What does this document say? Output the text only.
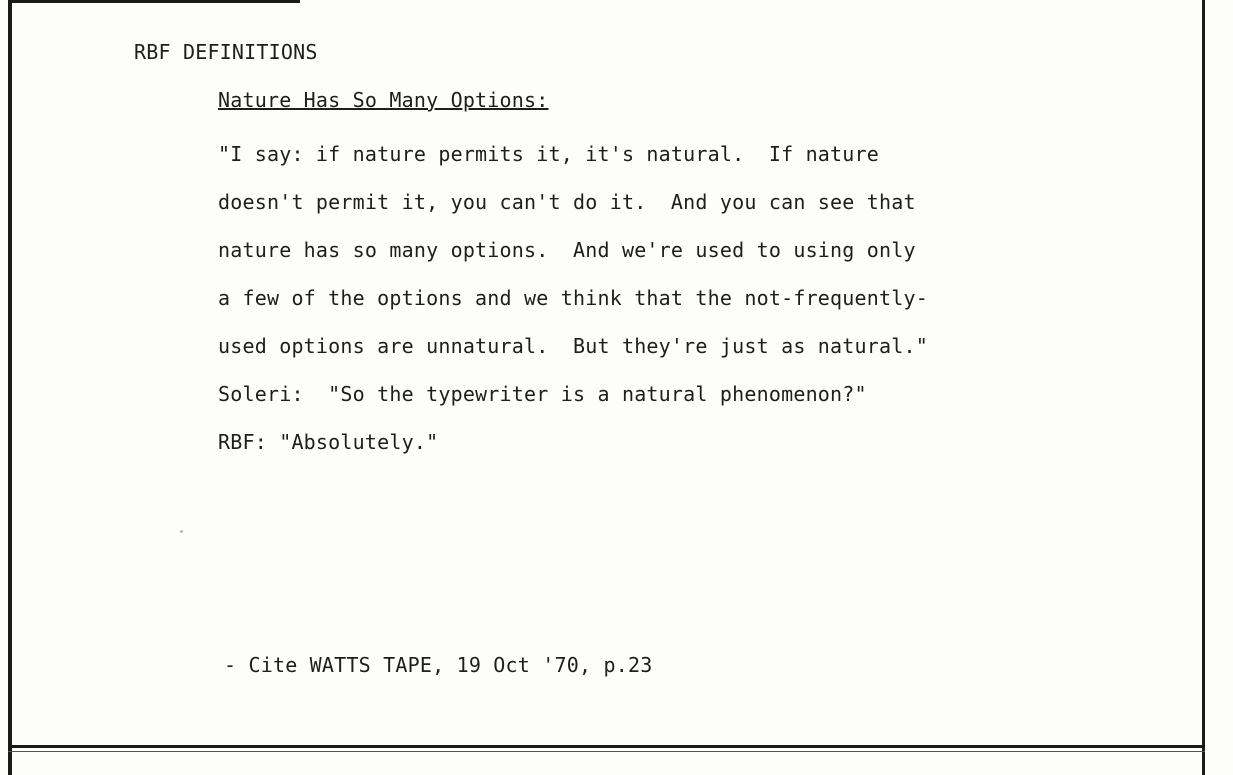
RBF DEFINITIONS
Nature Has So Many Options:
"I say: if nature permits it, it's natural.  If nature
doesn't permit it, you can't do it.  And you can see that
nature has so many options.  And we're used to using only
a few of the options and we think that the not-frequently-
used options are unnatural.  But they're just as natural."
Soleri:  "So the typewriter is a natural phenomenon?"
RBF: "Absolutely."
- Cite WATTS TAPE, 19 Oct '70, p.23
